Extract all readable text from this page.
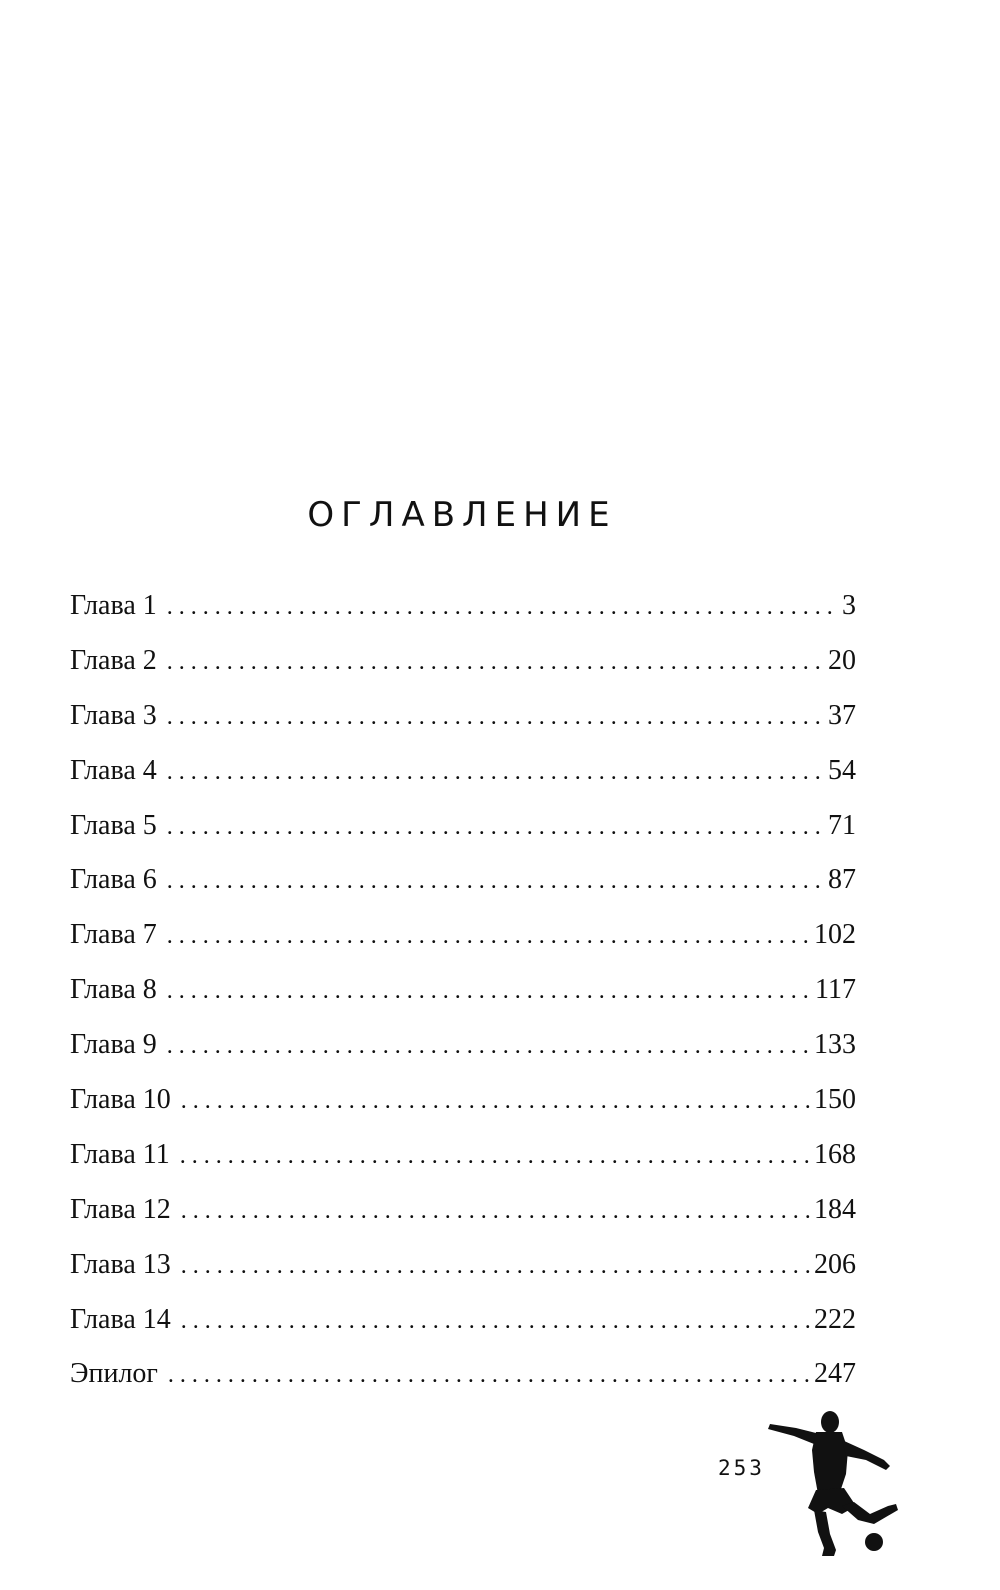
ОГЛАВЛЕНИЕ
Глава 1 . . .	3
Глава 2 . . .	20
Глава 3 . . .	37
Глава 4 . . .	54
Глава 5 . . .	71
Глава 6 . . .	87
Глава 7 . . .	102
Глава 8 . . .	117
Глава 9 . . .	133
Глава 10 . . .	150
Глава 11 . . .	168
Глава 12 . . .	184
Глава 13 . . .	206
Глава 14 . . .	222
Эпилог . . .	247
253
